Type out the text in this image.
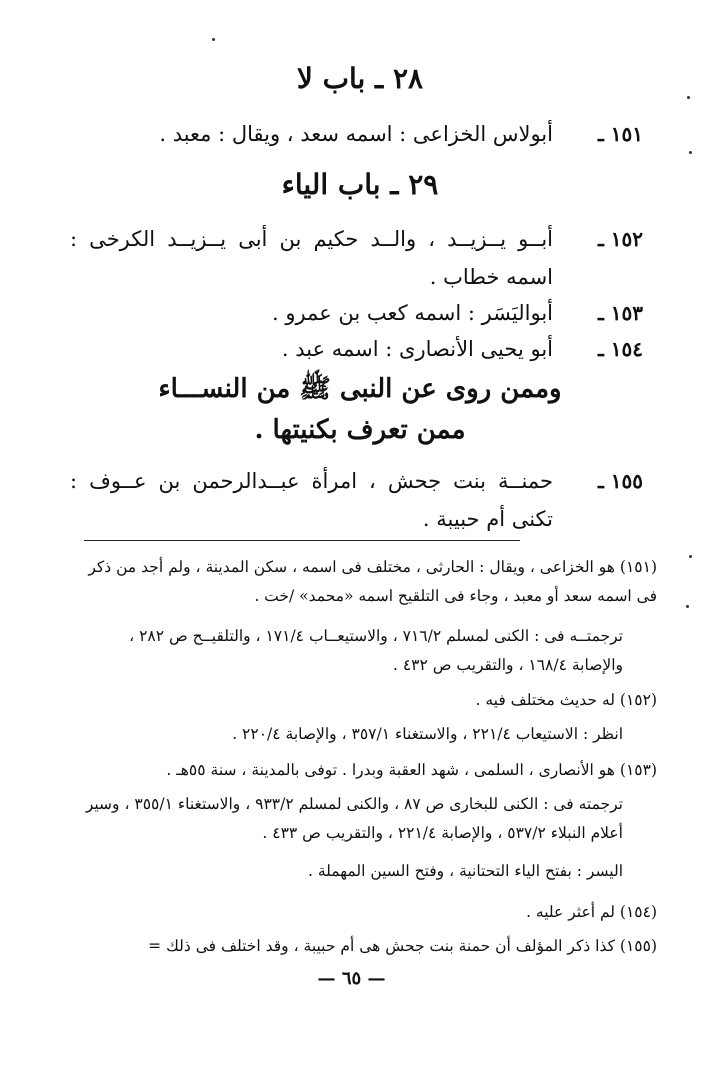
٢٨ ـ باب لا
١٥١ ـ
أبولاس الخزاعى : اسمه سعد ، ويقال : معبد .
٢٩ ـ باب الياء
١٥٢ ـ
أبــو يــزيــد ، والــد حكيم بن أبى يــزيــد الكرخى : اسمه خطاب .
١٥٣ ـ
أبواليَسَر : اسمه كعب بن عمرو .
١٥٤ ـ
أبو يحيى الأنصارى : اسمه عبد .
وممن روى عن النبى ﷺ من النســـاء
ممن تعرف بكنيتها .
١٥٥ ـ
حمنــة بنت جحش ، امرأة عبــدالرحمن بن عــوف : تكنى أم حبيبة .
(١٥١) هو الخزاعى ، ويقال : الحارثى ، مختلف فى اسمه ، سكن المدينة ، ولم أجد من ذكر فى اسمه سعد أو معبد ، وجاء فى التلقيح اسمه «محمد» /خت .
ترجمتــه فى : الكنى لمسلم ٧١٦/٢ ، والاستيعــاب ١٧١/٤ ، والتلقيــح ص ٢٨٢ ، والإصابة ١٦٨/٤ ، والتقريب ص ٤٣٢ .
(١٥٢) له حديث مختلف فيه .
انظر : الاستيعاب ٢٢١/٤ ، والاستغناء ٣٥٧/١ ، والإصابة ٢٢٠/٤ .
(١٥٣) هو الأنصارى ، السلمى ، شهد العقبة وبدرا . توفى بالمدينة ، سنة ٥٥هـ .
ترجمته فى : الكنى للبخارى ص ٨٧ ، والكنى لمسلم ٩٣٣/٢ ، والاستغناء ٣٥٥/١ ، وسير أعلام النبلاء ٥٣٧/٢ ، والإصابة ٢٢١/٤ ، والتقريب ص ٤٣٣ .
اليسر : بفتح الياء التحتانية ، وفتح السين المهملة .
(١٥٤) لم أعثر عليه .
(١٥٥) كذا ذكر المؤلف أن حمنة بنت جحش هى أم حبيبة ، وقد اختلف فى ذلك =
— ٦٥ —
